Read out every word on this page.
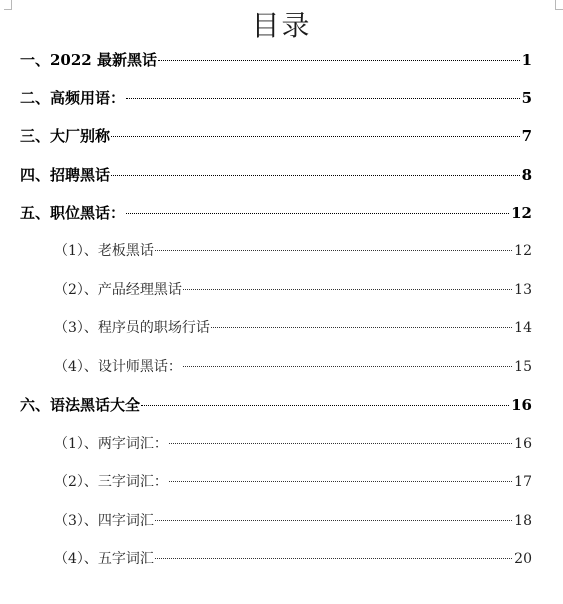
目录
一、2022 最新黑话	1
二、高频用语：	5
三、大厂别称	7
四、招聘黑话	8
五、职位黑话：	12
（1）、老板黑话	12
（2）、产品经理黑话	13
（3）、程序员的职场行话	14
（4）、设计师黑话：	15
六、语法黑话大全	16
（1）、两字词汇：	16
（2）、三字词汇：	17
（3）、四字词汇	18
（4）、五字词汇	20
